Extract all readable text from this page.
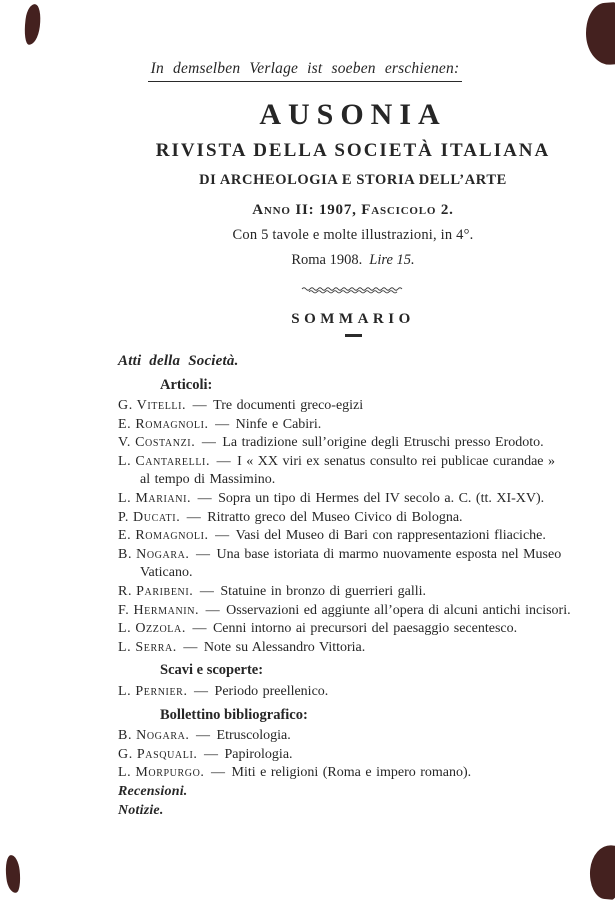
In demselben Verlage ist soeben erschienen:
AUSONIA
RIVISTA DELLA SOCIETÀ ITALIANA
DI ARCHEOLOGIA E STORIA DELL’ARTE
Anno II: 1907, Fascicolo 2.
Con 5 tavole e molte illustrazioni, in 4°.
Roma 1908. Lire 15.
SOMMARIO
Atti della Società.
Articoli:
G. Vitelli. — Tre documenti greco-egizi
E. Romagnoli. — Ninfe e Cabiri.
V. Costanzi. — La tradizione sull’origine degli Etruschi presso Erodoto.
L. Cantarelli. — I « XX viri ex senatus consulto rei publicae curandae »
al tempo di Massimino.
L. Mariani. — Sopra un tipo di Hermes del IV secolo a. C. (tt. XI-XV).
P. Ducati. — Ritratto greco del Museo Civico di Bologna.
E. Romagnoli. — Vasi del Museo di Bari con rappresentazioni fliaciche.
B. Nogara. — Una base istoriata di marmo nuovamente esposta nel Museo
Vaticano.
R. Paribeni. — Statuine in bronzo di guerrieri galli.
F. Hermanin. — Osservazioni ed aggiunte all’opera di alcuni antichi incisori.
L. Ozzola. — Cenni intorno ai precursori del paesaggio secentesco.
L. Serra. — Note su Alessandro Vittoria.
Scavi e scoperte:
L. Pernier. — Periodo preellenico.
Bollettino bibliografico:
B. Nogara. — Etruscologia.
G. Pasquali. — Papirologia.
L. Morpurgo. — Miti e religioni (Roma e impero romano).
Recensioni.
Notizie.
